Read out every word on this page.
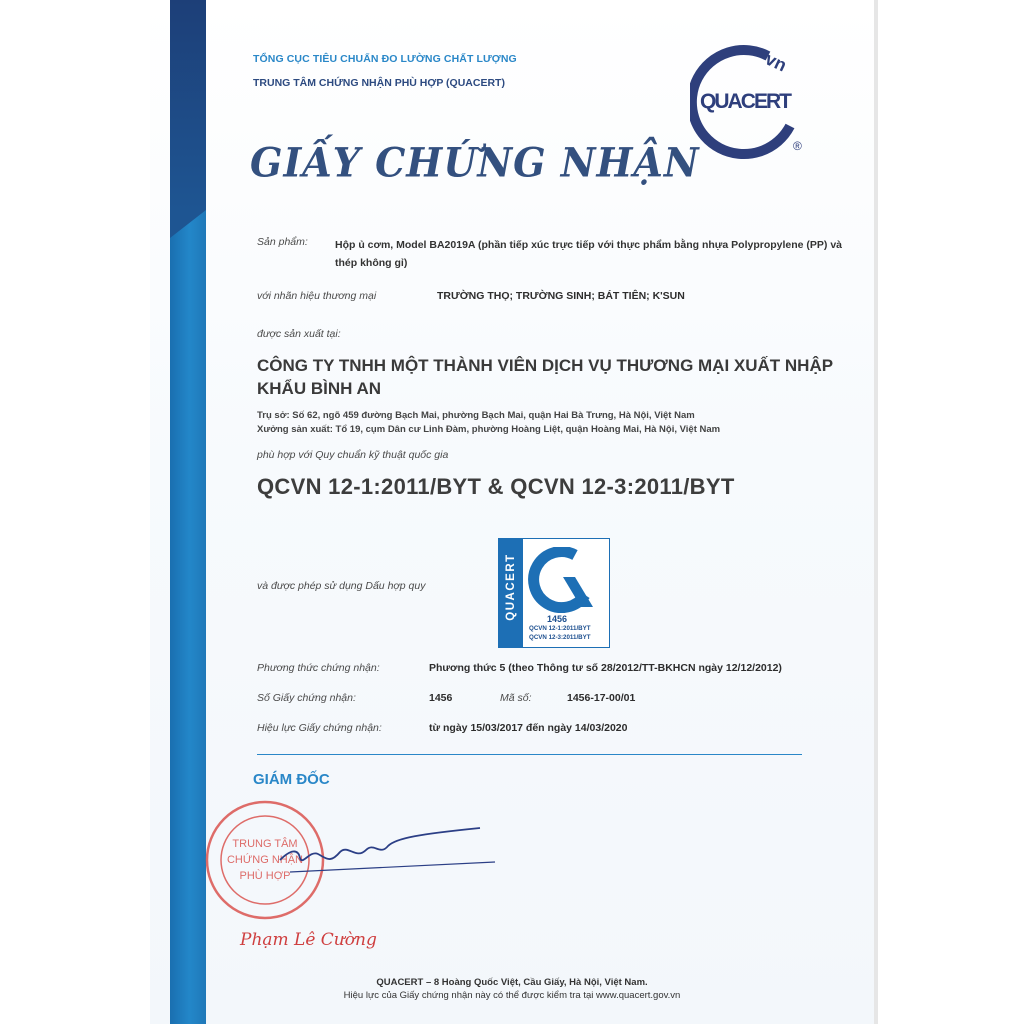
TỔNG CỤC TIÊU CHUẨN ĐO LƯỜNG CHẤT LƯỢNG
TRUNG TÂM CHỨNG NHẬN PHÙ HỢP (QUACERT)
QUACERT
vn
®
GIẤY CHỨNG NHẬN
Sản phẩm:	Hộp ủ cơm, Model BA2019A (phần tiếp xúc trực tiếp với thực phẩm bằng nhựa Polypropylene (PP) và thép không gỉ)
với nhãn hiệu thương mại	TRƯỜNG THỌ; TRƯỜNG SINH; BÁT TIÊN; K'SUN
được sản xuất tại:
CÔNG TY TNHH MỘT THÀNH VIÊN DỊCH VỤ THƯƠNG MẠI XUẤT NHẬP KHẨU BÌNH AN
Trụ sở: Số 62, ngõ 459 đường Bạch Mai, phường Bạch Mai, quận Hai Bà Trưng, Hà Nội, Việt Nam
Xưởng sản xuất: Tổ 19, cụm Dân cư Linh Đàm, phường Hoàng Liệt, quận Hoàng Mai, Hà Nội, Việt Nam
phù hợp với Quy chuẩn kỹ thuật quốc gia
QCVN 12-1:2011/BYT & QCVN 12-3:2011/BYT
và được phép sử dụng Dấu hợp quy	QUACERT	1456
QCVN 12-1:2011/BYT
QCVN 12-3:2011/BYT
Phương thức chứng nhận:	Phương thức 5 (theo Thông tư số 28/2012/TT-BKHCN ngày 12/12/2012)
Số Giấy chứng nhận:	1456	Mã số:	1456-17-00/01
Hiệu lực Giấy chứng nhận:	từ ngày 15/03/2017 đến ngày 14/03/2020
GIÁM ĐỐC
TRUNG TÂM
CHỨNG NHẬN
PHÙ HỢP
Phạm Lê Cường
QUACERT – 8 Hoàng Quốc Việt, Cầu Giấy, Hà Nội, Việt Nam.
Hiệu lực của Giấy chứng nhận này có thể được kiểm tra tại www.quacert.gov.vn
